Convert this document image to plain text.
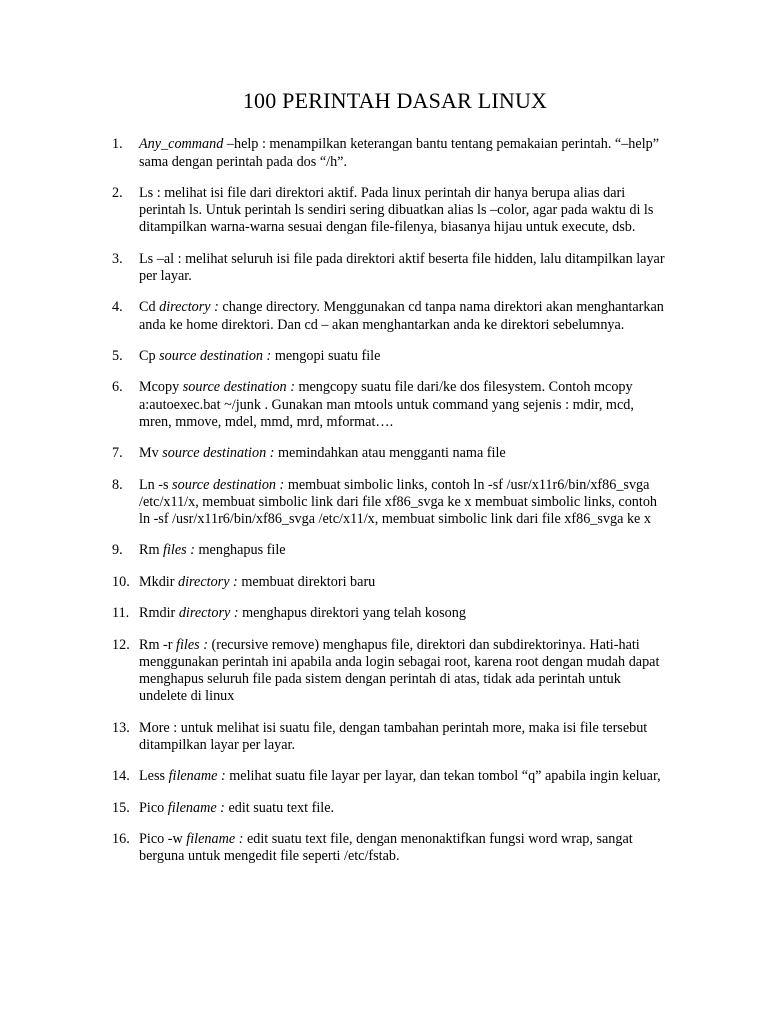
100 PERINTAH DASAR LINUX
1.	Any_command –help : menampilkan keterangan bantu tentang pemakaian perintah. “–help” sama dengan perintah pada dos “/h”.
2.	Ls : melihat isi file dari direktori aktif. Pada linux perintah dir hanya berupa alias dari perintah ls. Untuk perintah ls sendiri sering dibuatkan alias ls –color, agar pada waktu di ls ditampilkan warna-warna sesuai dengan file-filenya, biasanya hijau untuk execute, dsb.
3.	Ls –al : melihat seluruh isi file pada direktori aktif beserta file hidden, lalu ditampilkan layar per layar.
4.	Cd directory : change directory. Menggunakan cd tanpa nama direktori akan menghantarkan anda ke home direktori. Dan cd – akan menghantarkan anda ke direktori sebelumnya.
5.	Cp source destination : mengopi suatu file
6.	Mcopy source destination : mengcopy suatu file dari/ke dos filesystem. Contoh mcopy a:autoexec.bat ~/junk . Gunakan man mtools untuk command yang sejenis : mdir, mcd, mren, mmove, mdel, mmd, mrd, mformat….
7.	Mv source destination : memindahkan atau mengganti nama file
8.	Ln -s source destination : membuat simbolic links, contoh ln -sf /usr/x11r6/bin/xf86_svga /etc/x11/x, membuat simbolic link dari file xf86_svga ke x membuat simbolic links, contoh ln -sf /usr/x11r6/bin/xf86_svga /etc/x11/x, membuat simbolic link dari file xf86_svga ke x
9.	Rm files : menghapus file
10. Mkdir directory : membuat direktori baru
11. Rmdir directory : menghapus direktori yang telah kosong
12. Rm -r files : (recursive remove) menghapus file, direktori dan subdirektorinya. Hati-hati menggunakan perintah ini apabila anda login sebagai root, karena root dengan mudah dapat menghapus seluruh file pada sistem dengan perintah di atas, tidak ada perintah untuk undelete di linux
13. More : untuk melihat isi suatu file, dengan tambahan perintah more, maka isi file tersebut ditampilkan layar per layar.
14. Less filename : melihat suatu file layar per layar, dan tekan tombol “q” apabila ingin keluar,
15. Pico filename : edit suatu text file.
16. Pico -w filename : edit suatu text file, dengan menonaktifkan fungsi word wrap, sangat berguna untuk mengedit file seperti /etc/fstab.
